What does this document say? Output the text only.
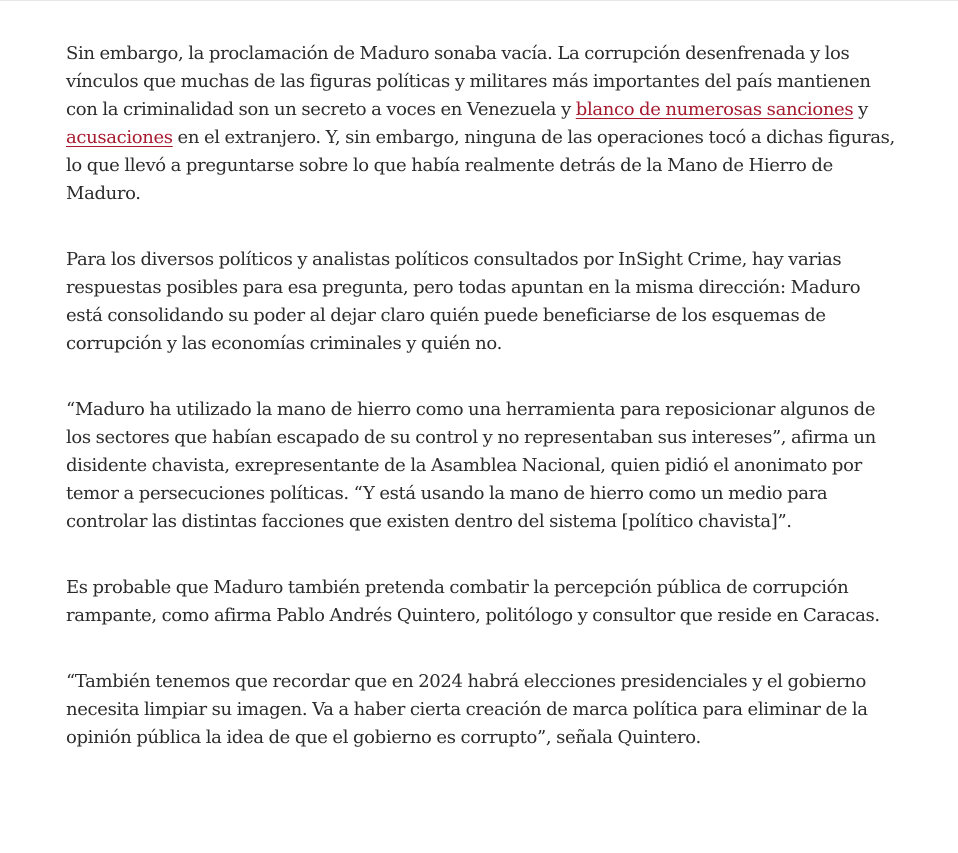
Sin embargo, la proclamación de Maduro sonaba vacía. La corrupción desenfrenada y los vínculos que muchas de las figuras políticas y militares más importantes del país mantienen con la criminalidad son un secreto a voces en Venezuela y blanco de numerosas sanciones y acusaciones en el extranjero. Y, sin embargo, ninguna de las operaciones tocó a dichas figuras, lo que llevó a preguntarse sobre lo que había realmente detrás de la Mano de Hierro de Maduro.

Para los diversos políticos y analistas políticos consultados por InSight Crime, hay varias respuestas posibles para esa pregunta, pero todas apuntan en la misma dirección: Maduro está consolidando su poder al dejar claro quién puede beneficiarse de los esquemas de corrupción y las economías criminales y quién no.

“Maduro ha utilizado la mano de hierro como una herramienta para reposicionar algunos de los sectores que habían escapado de su control y no representaban sus intereses”, afirma un disidente chavista, exrepresentante de la Asamblea Nacional, quien pidió el anonimato por temor a persecuciones políticas. “Y está usando la mano de hierro como un medio para controlar las distintas facciones que existen dentro del sistema [político chavista]”.

Es probable que Maduro también pretenda combatir la percepción pública de corrupción rampante, como afirma Pablo Andrés Quintero, politólogo y consultor que reside en Caracas.

“También tenemos que recordar que en 2024 habrá elecciones presidenciales y el gobierno necesita limpiar su imagen. Va a haber cierta creación de marca política para eliminar de la opinión pública la idea de que el gobierno es corrupto”, señala Quintero.
